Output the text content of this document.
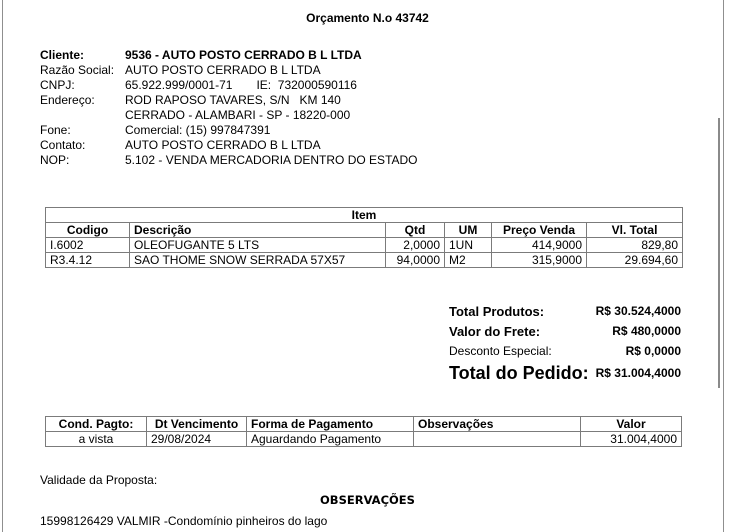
Orçamento N.o 43742
Cliente:	9536 - AUTO POSTO CERRADO B L LTDA
Razão Social: AUTO POSTO CERRADO B L LTDA
CNPJ:	65.922.999/0001-71 IE: 732000590116
Endereço:	ROD RAPOSO TAVARES, S/N   KM 140
CERRADO - ALAMBARI - SP - 18220-000
Fone:	Comercial: (15) 997847391
Contato:	AUTO POSTO CERRADO B L LTDA
NOP:	5.102 - VENDA MERCADORIA DENTRO DO ESTADO
Item					
Codigo	Descrição	Qtd	UM	Preço Venda	Vl. Total
I.6002	OLEOFUGANTE 5 LTS	2,0000	1UN	414,9000	829,80
R3.4.12	SAO THOME SNOW SERRADA 57X57	94,0000	M2	315,9000	29.694,60
Total Produtos:	R$ 30.524,4000
Valor do Frete:	R$ 480,0000
Desconto Especial:	R$ 0,0000
Total do Pedido: R$ 31.004,4000
Cond. Pagto:	Dt Vencimento	Forma de Pagamento	Observações	Valor
a vista	29/08/2024	Aguardando Pagamento		31.004,4000
Validade da Proposta:
OBSERVAÇÕES
15998126429 VALMIR -Condomínio pinheiros do lago
